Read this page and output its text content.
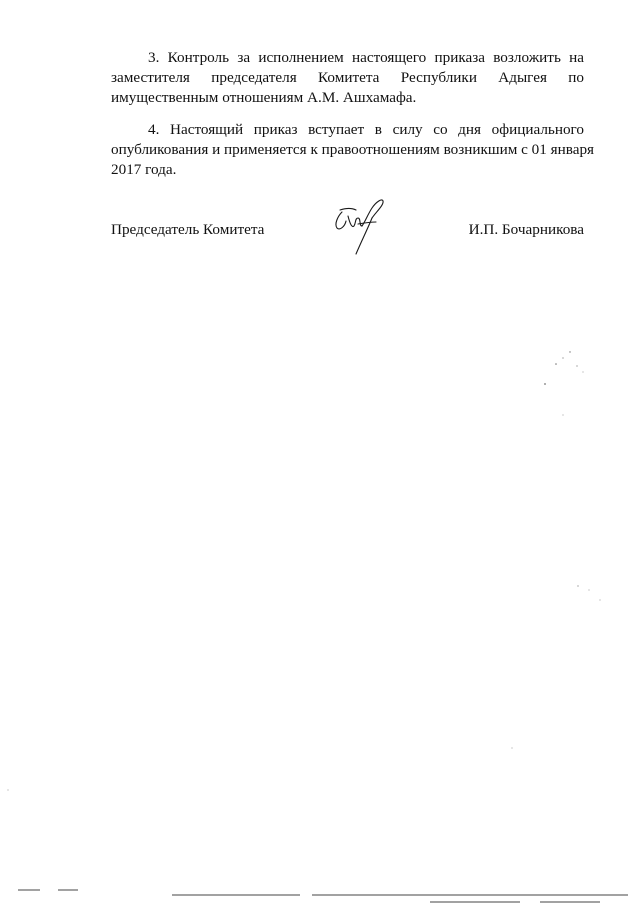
3. Контроль за исполнением настоящего приказа возложить на
заместителя председателя Комитета Республики Адыгея по
имущественным отношениям А.М. Ашхамафа.
4. Настоящий приказ вступает в силу со дня официального
опубликования и применяется к правоотношениям возникшим с 01 января
2017 года.
Председатель Комитета	И.П. Бочарникова
